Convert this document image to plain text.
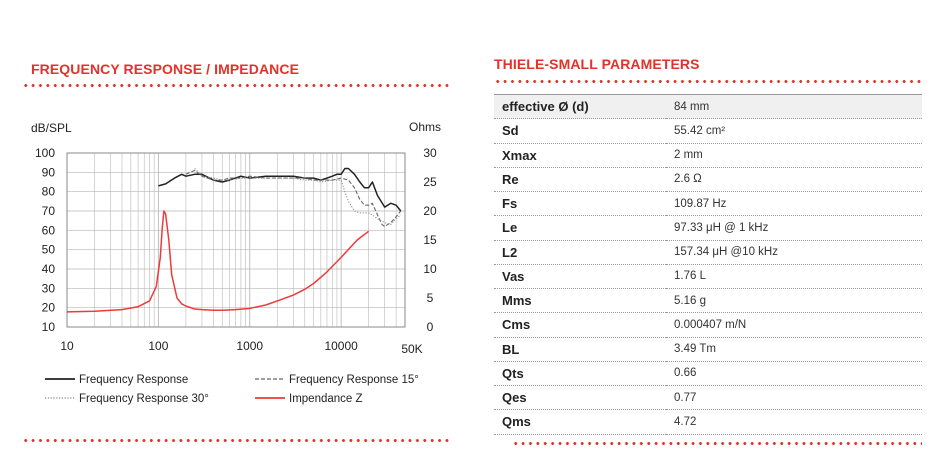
FREQUENCY RESPONSE / IMPEDANCE	THIELE-SMALL PARAMETERS
dB/SPL	Ohms
10
20
30
40
50
60
70
80
90
100
0
5
10
15
20
25
30
10	100	1000	10000	50K
Frequency Response	Frequency Response 15°
Frequency Response 30°	Impendance Z
effective Ø (d)	84 mm
Sd	55.42 cm²
Xmax	2 mm
Re	2.6 Ω
Fs	109.87 Hz
Le	97.33 μH @ 1 kHz
L2	157.34 μH @10 kHz
Vas	1.76 L
Mms	5.16 g
Cms	0.000407 m/N
BL	3.49 Tm
Qts	0.66
Qes	0.77
Qms	4.72
